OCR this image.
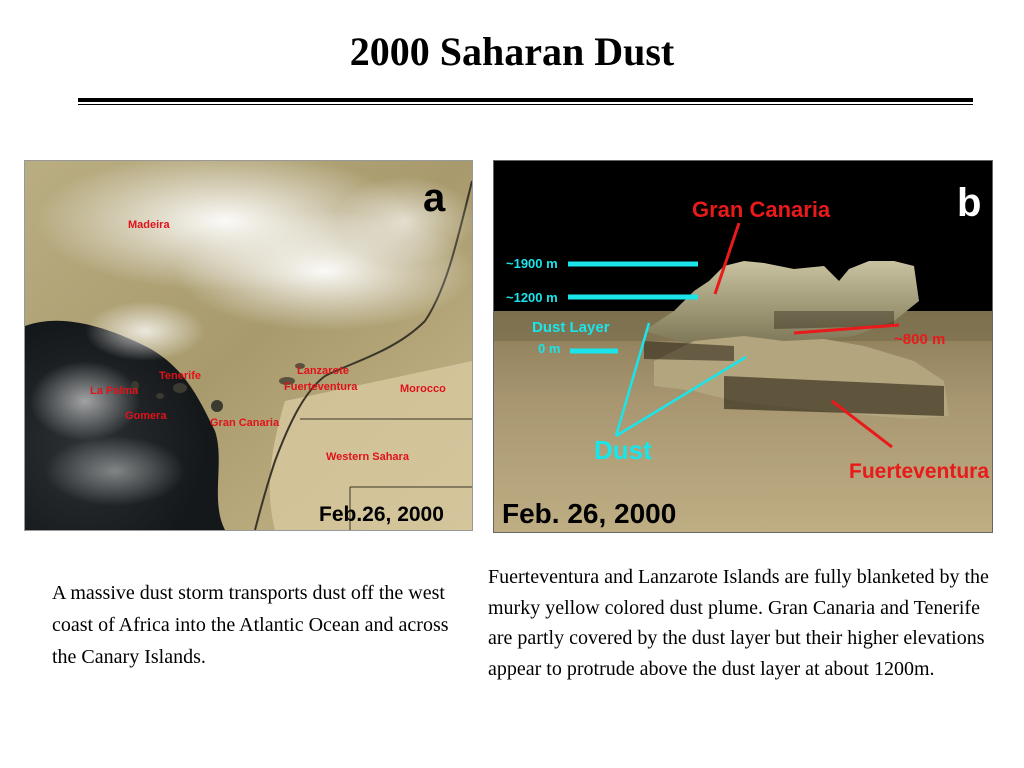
2000 Saharan Dust
a
Madeira
Lanzarote
Fuerteventura	Morocco
Tenerife
La Palma
Gomera
Gran Canaria
Western Sahara
Feb.26, 2000
b
Gran Canaria
~1900 m
~1200 m
Dust Layer
0 m
~800 m
Dust
Fuerteventura
Feb. 26, 2000
A massive dust storm transports dust off the west coast of Africa into the Atlantic Ocean and across the Canary Islands.
Fuerteventura and Lanzarote Islands are fully blanketed by the murky yellow colored dust plume. Gran Canaria and Tenerife are partly covered by the dust layer but their higher elevations appear to protrude above the dust layer at about 1200m.
